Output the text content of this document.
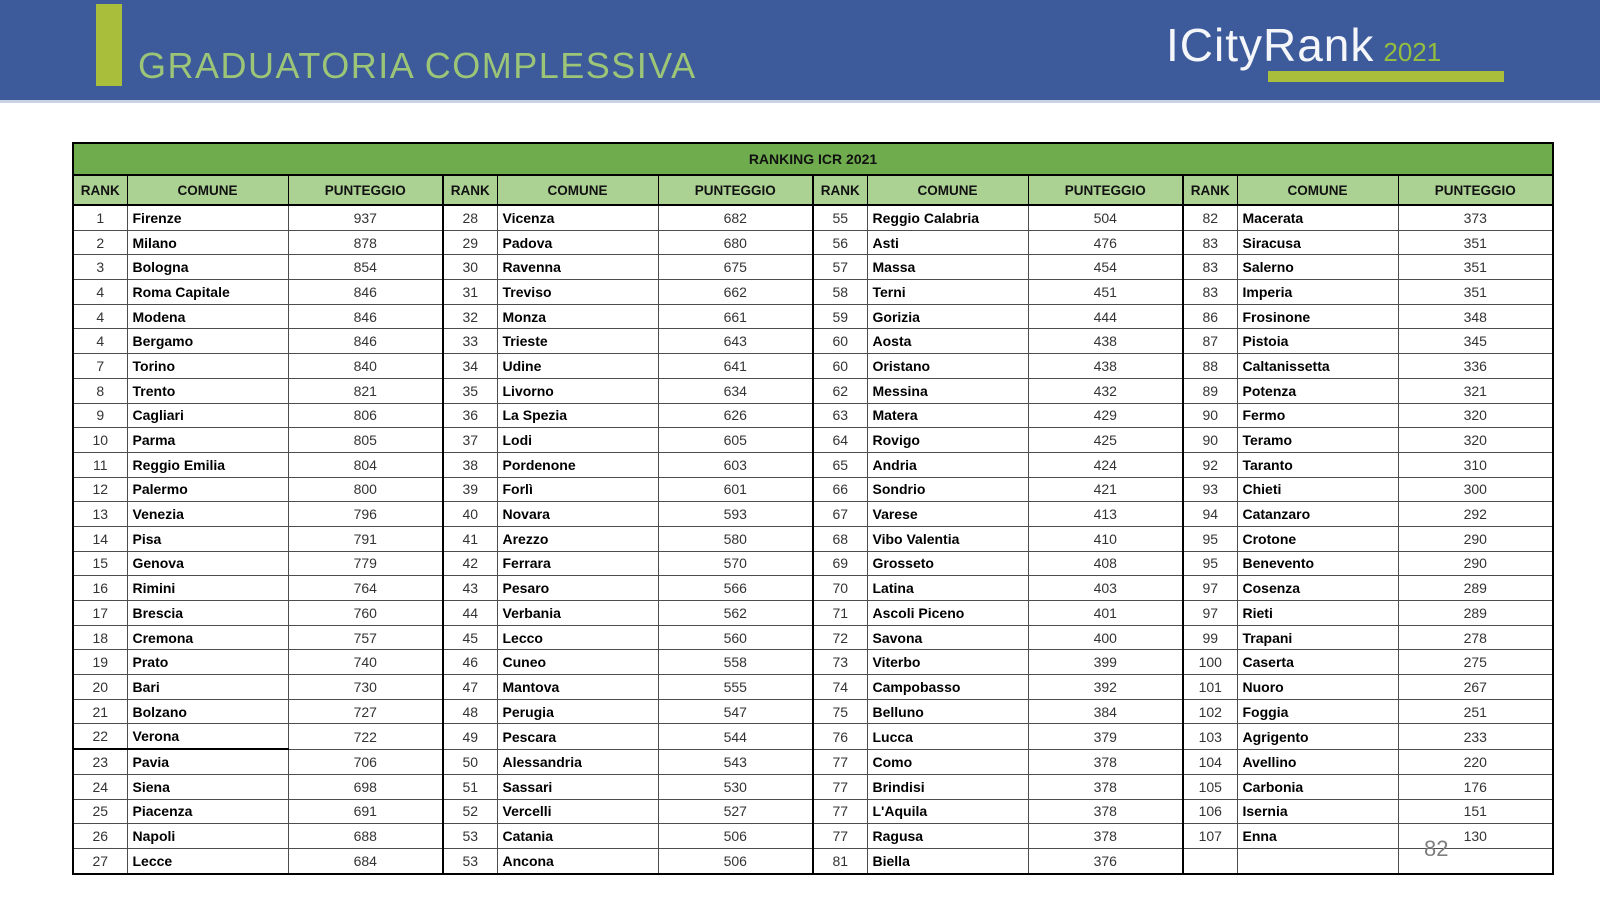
GRADUATORIA COMPLESSIVA	ICityRank 2021
RANKING ICR 2021											
RANK	COMUNE	PUNTEGGIO	RANK	COMUNE	PUNTEGGIO	RANK	COMUNE	PUNTEGGIO	RANK	COMUNE	PUNTEGGIO
1	Firenze	937	28	Vicenza	682	55	Reggio Calabria	504	82	Macerata	373
2	Milano	878	29	Padova	680	56	Asti	476	83	Siracusa	351
3	Bologna	854	30	Ravenna	675	57	Massa	454	83	Salerno	351
4	Roma Capitale	846	31	Treviso	662	58	Terni	451	83	Imperia	351
4	Modena	846	32	Monza	661	59	Gorizia	444	86	Frosinone	348
4	Bergamo	846	33	Trieste	643	60	Aosta	438	87	Pistoia	345
7	Torino	840	34	Udine	641	60	Oristano	438	88	Caltanissetta	336
8	Trento	821	35	Livorno	634	62	Messina	432	89	Potenza	321
9	Cagliari	806	36	La Spezia	626	63	Matera	429	90	Fermo	320
10	Parma	805	37	Lodi	605	64	Rovigo	425	90	Teramo	320
11	Reggio Emilia	804	38	Pordenone	603	65	Andria	424	92	Taranto	310
12	Palermo	800	39	Forlì	601	66	Sondrio	421	93	Chieti	300
13	Venezia	796	40	Novara	593	67	Varese	413	94	Catanzaro	292
14	Pisa	791	41	Arezzo	580	68	Vibo Valentia	410	95	Crotone	290
15	Genova	779	42	Ferrara	570	69	Grosseto	408	95	Benevento	290
16	Rimini	764	43	Pesaro	566	70	Latina	403	97	Cosenza	289
17	Brescia	760	44	Verbania	562	71	Ascoli Piceno	401	97	Rieti	289
18	Cremona	757	45	Lecco	560	72	Savona	400	99	Trapani	278
19	Prato	740	46	Cuneo	558	73	Viterbo	399	100	Caserta	275
20	Bari	730	47	Mantova	555	74	Campobasso	392	101	Nuoro	267
21	Bolzano	727	48	Perugia	547	75	Belluno	384	102	Foggia	251
22	Verona	722	49	Pescara	544	76	Lucca	379	103	Agrigento	233
23	Pavia	706	50	Alessandria	543	77	Como	378	104	Avellino	220
24	Siena	698	51	Sassari	530	77	Brindisi	378	105	Carbonia	176
25	Piacenza	691	52	Vercelli	527	77	L'Aquila	378	106	Isernia	151
26	Napoli	688	53	Catania	506	77	Ragusa	378	107	Enna	130
27	Lecce	684	53	Ancona	506	81	Biella	376				82
